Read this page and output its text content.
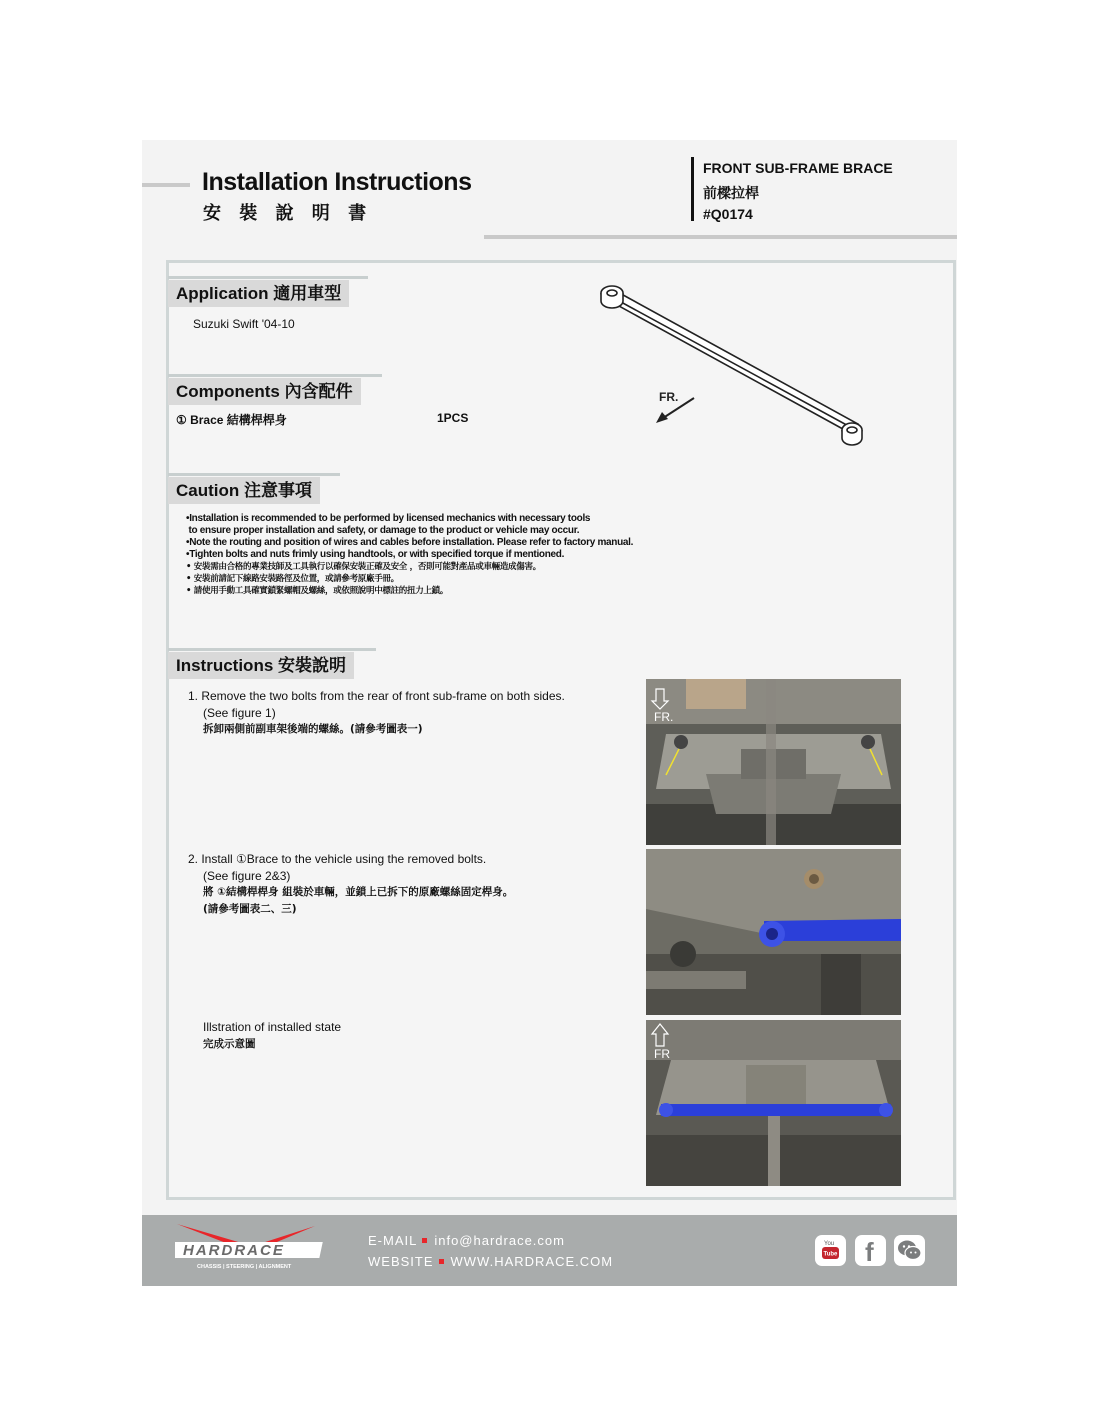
Installation Instructions
安 裝 說 明 書
FRONT SUB-FRAME BRACE
前樑拉桿
#Q0174
Application 適用車型
Suzuki Swift '04-10
Components 內含配件
① Brace 結構桿桿身	1PCS
FR.
Caution 注意事項
•Installation is recommended to be performed by licensed mechanics with necessary tools
to ensure proper installation and safety, or damage to the product or vehicle may occur.
•Note the routing and position of wires and cables before installation. Please refer to factory manual.
•Tighten bolts and nuts frimly using handtools, or with specified torque if mentioned.
• 安裝需由合格的專業技師及工具執行以確保安裝正確及安全 ，否則可能對產品或車輛造成傷害。
• 安裝前請記下線路安裝路徑及位置，或請參考原廠手冊。
• 請使用手動工具確實鎖緊螺帽及螺絲，或依照說明中標註的扭力上鎖。
Instructions 安裝說明
1. Remove the two bolts from the rear of front sub-frame on both sides.
(See figure 1)
拆卸兩側前副車架後端的螺絲。(請參考圖表一)
2. Install ①Brace to the vehicle using the removed bolts.
(See figure 2&3)
將 ①結構桿桿身 組裝於車輛，並鎖上已拆下的原廠螺絲固定桿身。
(請參考圖表二、三)
Illstration of installed state
完成示意圖
FR.
FR
HARDRACE
CHASSIS | STEERING | ALIGNMENT
E-MAIL info@hardrace.com
WEBSITE WWW.HARDRACE.COM
You
Tube f
